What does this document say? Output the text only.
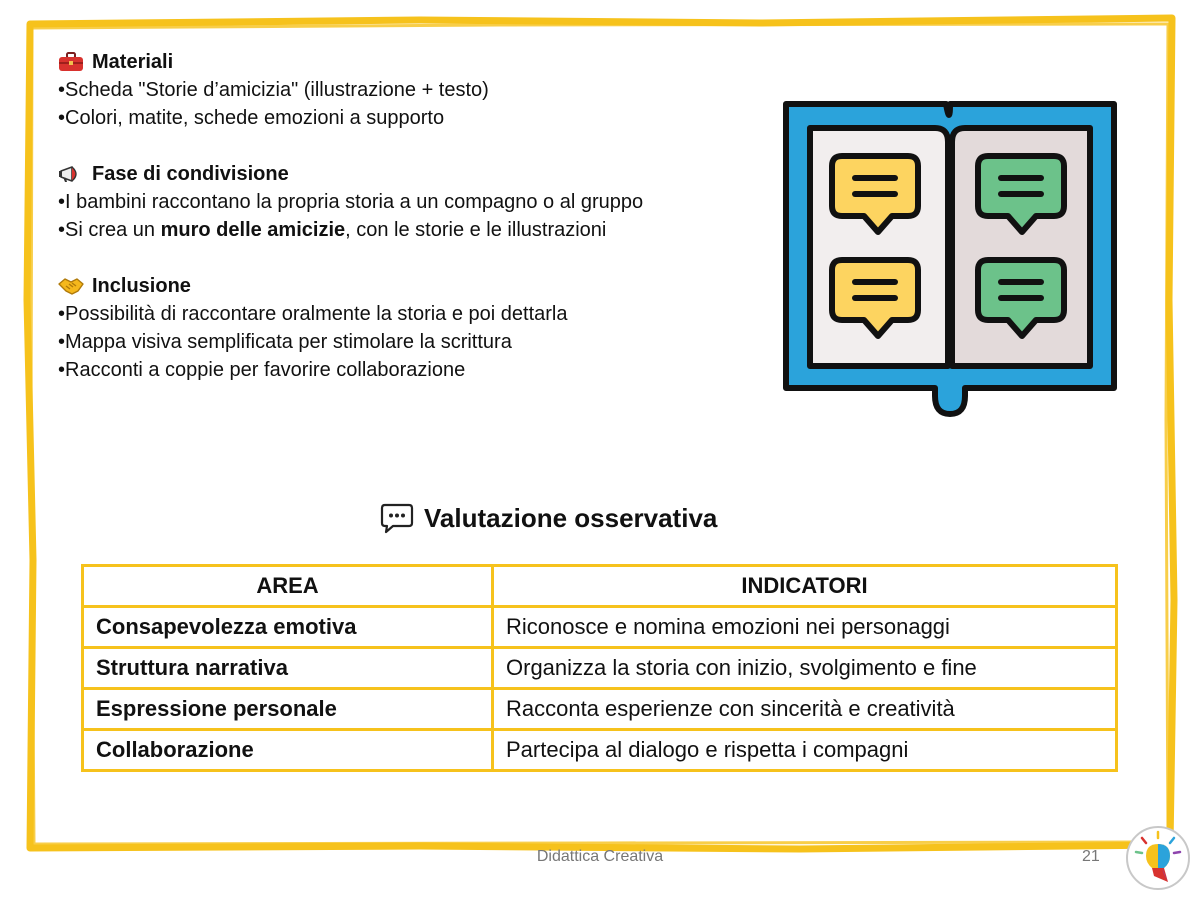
Materiali
•Scheda "Storie d’amicizia" (illustrazione + testo)
•Colori, matite, schede emozioni a supporto
Fase di condivisione
•I bambini raccontano la propria storia a un compagno o al gruppo
•Si crea un muro delle amicizie, con le storie e le illustrazioni
Inclusione
•Possibilità di raccontare oralmente la storia e poi dettarla
•Mappa visiva semplificata per stimolare la scrittura
•Racconti a coppie per favorire collaborazione
Valutazione osservativa
AREA	INDICATORI
Consapevolezza emotiva	Riconosce e nomina emozioni nei personaggi
Struttura narrativa	Organizza la storia con inizio, svolgimento e fine
Espressione personale	Racconta esperienze con sincerità e creatività
Collaborazione	Partecipa al dialogo e rispetta i compagni
Didattica Creativa	21
